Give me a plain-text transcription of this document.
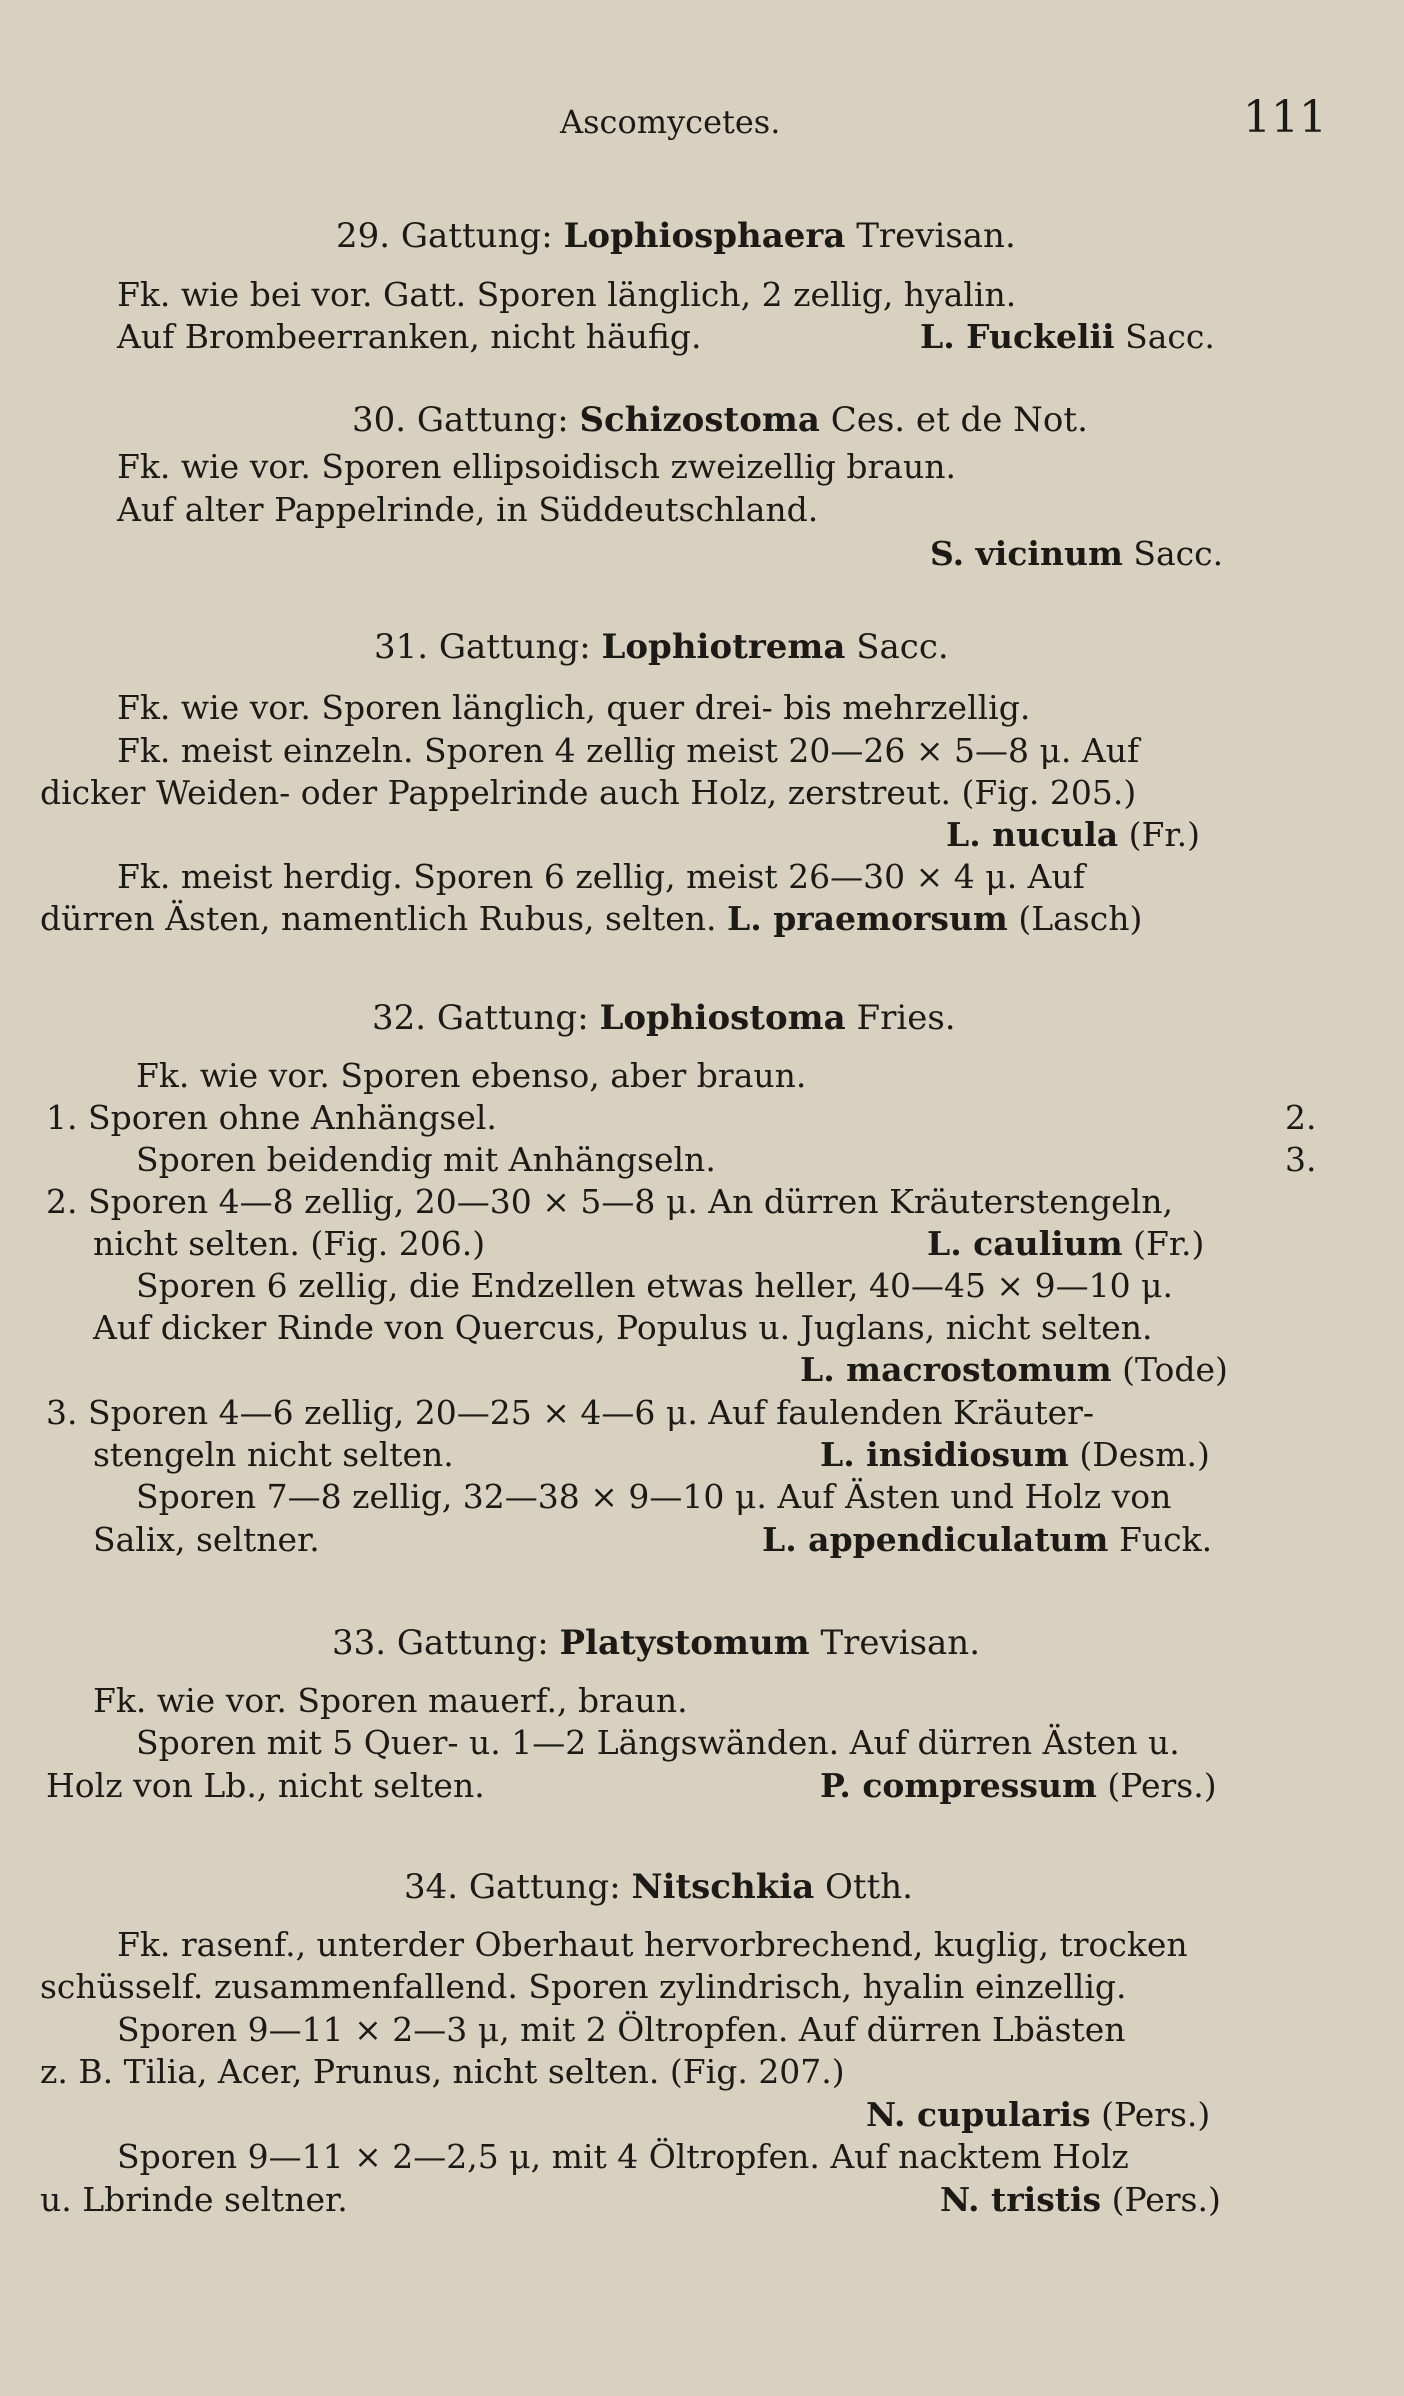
Ascomycetes.	111
29. Gattung: Lophiosphaera Trevisan.
Fk. wie bei vor. Gatt. Sporen länglich, 2 zellig, hyalin.
Auf Brombeerranken, nicht häufig.	L. Fuckelii Sacc.
30. Gattung: Schizostoma Ces. et de Not.
Fk. wie vor. Sporen ellipsoidisch zweizellig braun.
Auf alter Pappelrinde, in Süddeutschland.
S. vicinum Sacc.
31. Gattung: Lophiotrema Sacc.
Fk. wie vor. Sporen länglich, quer drei- bis mehrzellig.
Fk. meist einzeln. Sporen 4 zellig meist 20—26 × 5—8 μ. Auf
dicker Weiden- oder Pappelrinde auch Holz, zerstreut. (Fig. 205.)
L. nucula (Fr.)
Fk. meist herdig. Sporen 6 zellig, meist 26—30 × 4 μ. Auf
dürren Ästen, namentlich Rubus, selten. L. praemorsum (Lasch)
32. Gattung: Lophiostoma Fries.
Fk. wie vor. Sporen ebenso, aber braun.
1. Sporen ohne Anhängsel.	2.
Sporen beidendig mit Anhängseln.	3.
2. Sporen 4—8 zellig, 20—30 × 5—8 μ. An dürren Kräuterstengeln,
nicht selten. (Fig. 206.)	L. caulium (Fr.)
Sporen 6 zellig, die Endzellen etwas heller, 40—45 × 9—10 μ.
Auf dicker Rinde von Quercus, Populus u. Juglans, nicht selten.
L. macrostomum (Tode)
3. Sporen 4—6 zellig, 20—25 × 4—6 μ. Auf faulenden Kräuter-
stengeln nicht selten.	L. insidiosum (Desm.)
Sporen 7—8 zellig, 32—38 × 9—10 μ. Auf Ästen und Holz von
Salix, seltner.	L. appendiculatum Fuck.
33. Gattung: Platystomum Trevisan.
Fk. wie vor. Sporen mauerf., braun.
Sporen mit 5 Quer- u. 1—2 Längswänden. Auf dürren Ästen u.
Holz von Lb., nicht selten.	P. compressum (Pers.)
34. Gattung: Nitschkia Otth.
Fk. rasenf., unterder Oberhaut hervorbrechend, kuglig, trocken
schüsself. zusammenfallend. Sporen zylindrisch, hyalin einzellig.
Sporen 9—11 × 2—3 μ, mit 2 Öltropfen. Auf dürren Lbästen
z. B. Tilia, Acer, Prunus, nicht selten. (Fig. 207.)
N. cupularis (Pers.)
Sporen 9—11 × 2—2,5 μ, mit 4 Öltropfen. Auf nacktem Holz
u. Lbrinde seltner.	N. tristis (Pers.)
